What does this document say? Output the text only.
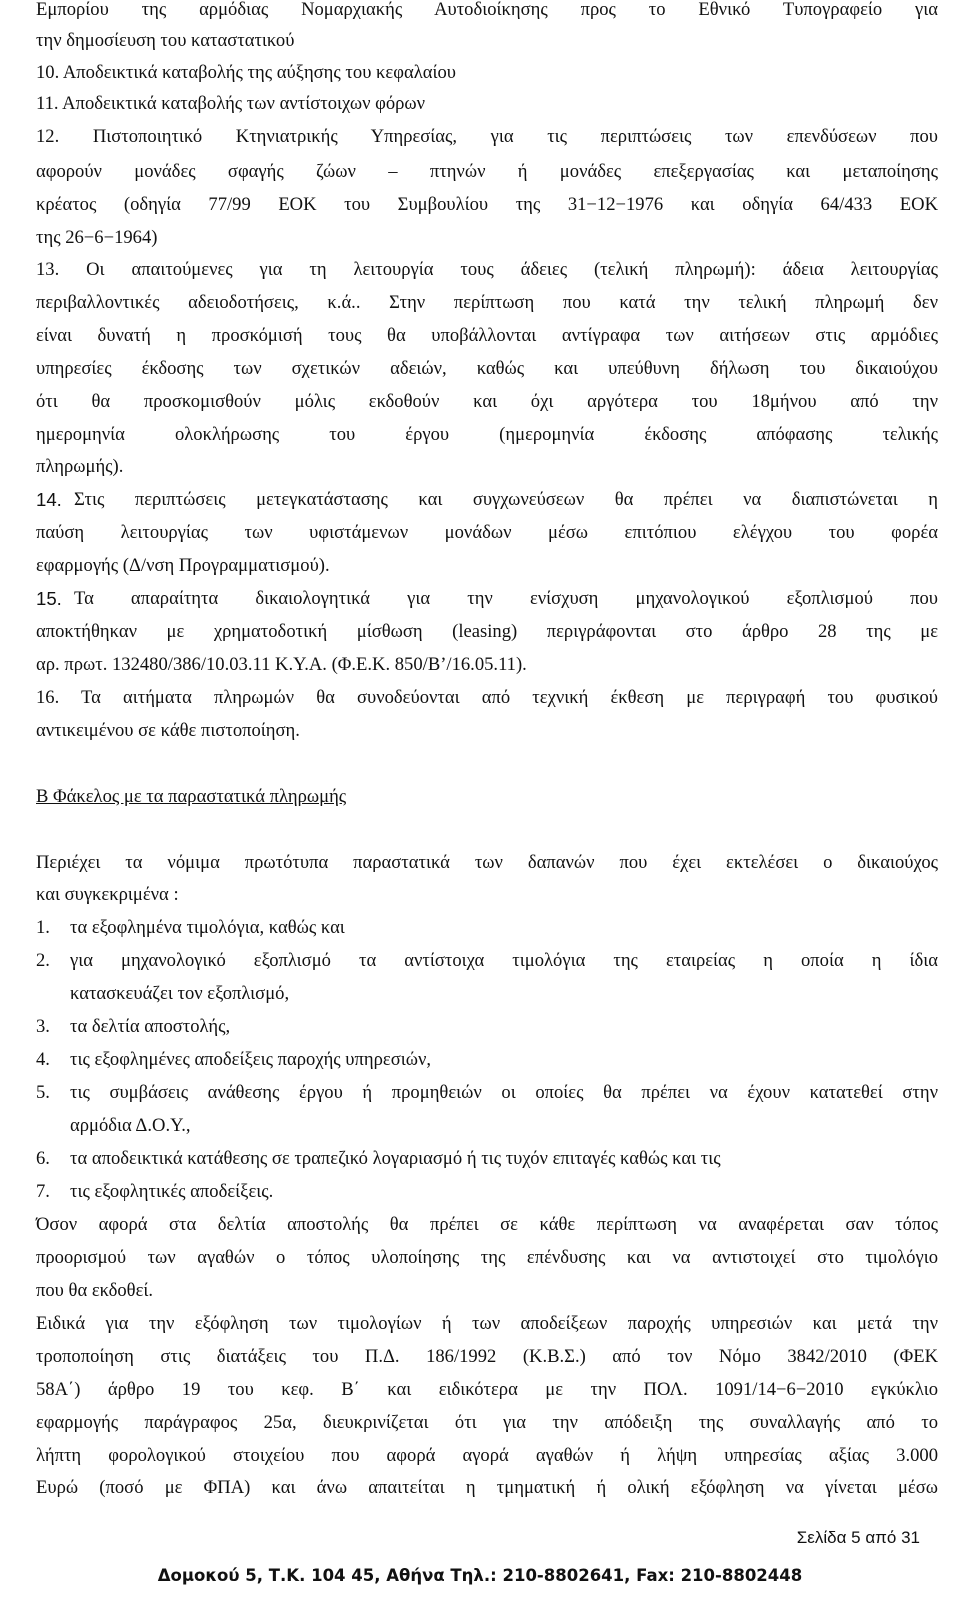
Εμπορίου της αρμόδιας Νομαρχιακής Αυτοδιοίκησης προς το Εθνικό Τυπογραφείο για
την δημοσίευση του καταστατικού
10. Αποδεικτικά καταβολής της αύξησης του κεφαλαίου
11. Αποδεικτικά καταβολής των αντίστοιχων φόρων
12. Πιστοποιητικό Κτηνιατρικής Υπηρεσίας, για τις περιπτώσεις των επενδύσεων που
αφορούν μονάδες σφαγής ζώων – πτηνών ή μονάδες επεξεργασίας και μεταποίησης
κρέατος (οδηγία 77/99 ΕΟΚ του Συμβουλίου της 31−12−1976 και οδηγία 64/433 ΕΟΚ
της 26−6−1964)
13. Οι απαιτούμενες για τη λειτουργία τους άδειες (τελική πληρωμή): άδεια λειτουργίας
περιβαλλοντικές αδειοδοτήσεις, κ.ά.. Στην περίπτωση που κατά την τελική πληρωμή δεν
είναι δυνατή η προσκόμισή τους θα υποβάλλονται αντίγραφα των αιτήσεων στις αρμόδιες
υπηρεσίες έκδοσης των σχετικών αδειών, καθώς και υπεύθυνη δήλωση του δικαιούχου
ότι θα προσκομισθούν μόλις εκδοθούν και όχι αργότερα του 18μήνου από την
ημερομηνία ολοκλήρωσης του έργου (ημερομηνία έκδοσης απόφασης τελικής
πληρωμής).
14. Στις περιπτώσεις μετεγκατάστασης και συγχωνεύσεων θα πρέπει να διαπιστώνεται η
παύση λειτουργίας των υφιστάμενων μονάδων μέσω επιτόπιου ελέγχου του φορέα
εφαρμογής (Δ/νση Προγραμματισμού).
15. Τα απαραίτητα δικαιολογητικά για την ενίσχυση μηχανολογικού εξοπλισμού που
αποκτήθηκαν με χρηματοδοτική μίσθωση (leasing) περιγράφονται στο άρθρο 28 της με
αρ. πρωτ. 132480/386/10.03.11 Κ.Υ.Α. (Φ.Ε.Κ. 850/Β’/16.05.11).
16. Τα αιτήματα πληρωμών θα συνοδεύονται από τεχνική έκθεση με περιγραφή του φυσικού
αντικειμένου σε κάθε πιστοποίηση.
Β Φάκελος με τα παραστατικά πληρωμής
Περιέχει τα νόμιμα πρωτότυπα παραστατικά των δαπανών που έχει εκτελέσει ο δικαιούχος
και συγκεκριμένα :
1. τα εξοφλημένα τιμολόγια, καθώς και
2.	για μηχανολογικό εξοπλισμό τα αντίστοιχα τιμολόγια της εταιρείας η οποία η ίδια
κατασκευάζει τον εξοπλισμό,
3. τα δελτία αποστολής,
4. τις εξοφλημένες αποδείξεις παροχής υπηρεσιών,
5.	τις συμβάσεις ανάθεσης έργου ή προμηθειών οι οποίες θα πρέπει να έχουν κατατεθεί στην
αρμόδια Δ.Ο.Υ.,
6. τα αποδεικτικά κατάθεσης σε τραπεζικό λογαριασμό ή τις τυχόν επιταγές καθώς και τις
7. τις εξοφλητικές αποδείξεις.
Όσον αφορά στα δελτία αποστολής θα πρέπει σε κάθε περίπτωση να αναφέρεται σαν τόπος
προορισμού των αγαθών ο τόπος υλοποίησης της επένδυσης και να αντιστοιχεί στο τιμολόγιο
που θα εκδοθεί.
Ειδικά για την εξόφληση των τιμολογίων ή των αποδείξεων παροχής υπηρεσιών και μετά την
τροποποίηση στις διατάξεις του Π.Δ. 186/1992 (Κ.Β.Σ.) από τον Νόμο 3842/2010 (ΦΕΚ
58Α΄) άρθρο 19 του κεφ. Β΄ και ειδικότερα με την ΠΟΛ. 1091/14−6−2010 εγκύκλιο
εφαρμογής παράγραφος 25α, διευκρινίζεται ότι για την απόδειξη της συναλλαγής από το
λήπτη φορολογικού στοιχείου που αφορά αγορά αγαθών ή λήψη υπηρεσίας αξίας 3.000
Ευρώ (ποσό με ΦΠΑ) και άνω απαιτείται η τμηματική ή ολική εξόφληση να γίνεται μέσω
Σελίδα 5 από 31
Δομοκού 5, Τ.Κ. 104 45, Αθήνα Τηλ.: 210-8802641, Fax: 210-8802448
